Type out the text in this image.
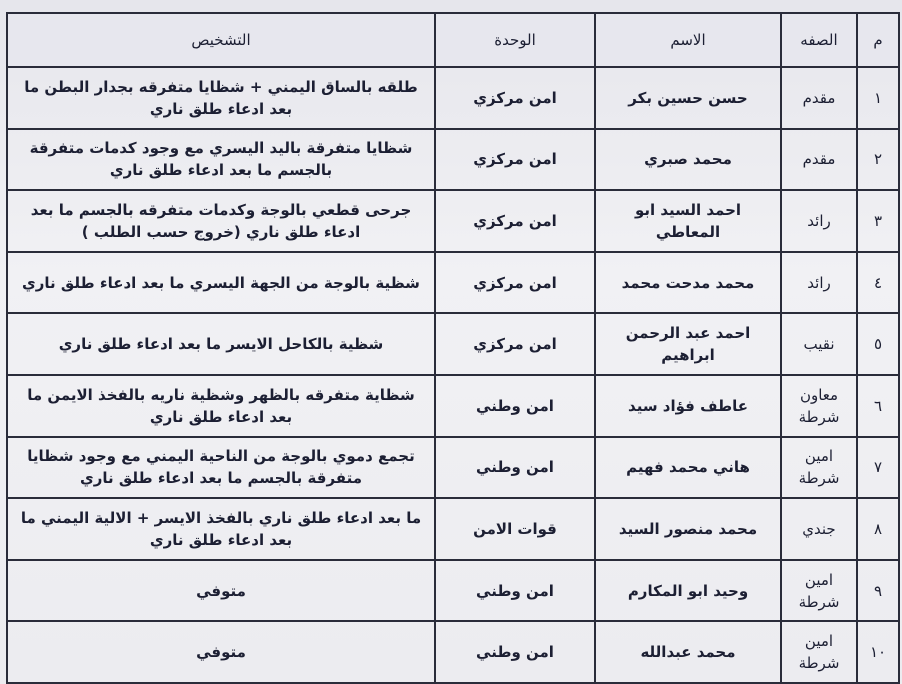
م	الصفه	الاسم	الوحدة	التشخيص
١	مقدم	حسن حسين بكر	امن مركزي	طلقه بالساق اليمني + شظايا متفرقه بجدار البطن ما بعد ادعاء طلق ناري
٢	مقدم	محمد صبري	امن مركزي	شظايا متفرقة باليد اليسري مع وجود كدمات متفرقة بالجسم ما بعد ادعاء طلق ناري
٣	رائد	احمد السيد ابو المعاطي	امن مركزي	جرحى قطعي بالوجة وكدمات متفرقه بالجسم ما بعد ادعاء طلق ناري (خروج حسب الطلب )
٤	رائد	محمد مدحت محمد	امن مركزي	شظية بالوجة من الجهة اليسري ما بعد ادعاء طلق ناري
٥	نقيب	احمد عبد الرحمن ابراهيم	امن مركزي	شظية بالكاحل الايسر ما بعد ادعاء طلق ناري
٦	معاون شرطة	عاطف فؤاد سيد	امن وطني	شظاية متفرقه بالظهر وشظية ناريه بالفخذ الايمن ما بعد ادعاء طلق ناري
٧	امين شرطة	هاني محمد فهيم	امن وطني	تجمع دموي بالوجة من الناحية اليمني مع وجود شظايا متفرقة بالجسم ما بعد ادعاء طلق ناري
٨	جندي	محمد منصور السيد	قوات الامن	ما بعد ادعاء طلق ناري بالفخذ الايسر + الالية اليمني ما بعد ادعاء طلق ناري
٩	امين شرطة	وحيد ابو المكارم	امن وطني	متوفي
١٠	امين شرطة	محمد عبدالله	امن وطني	متوفي
